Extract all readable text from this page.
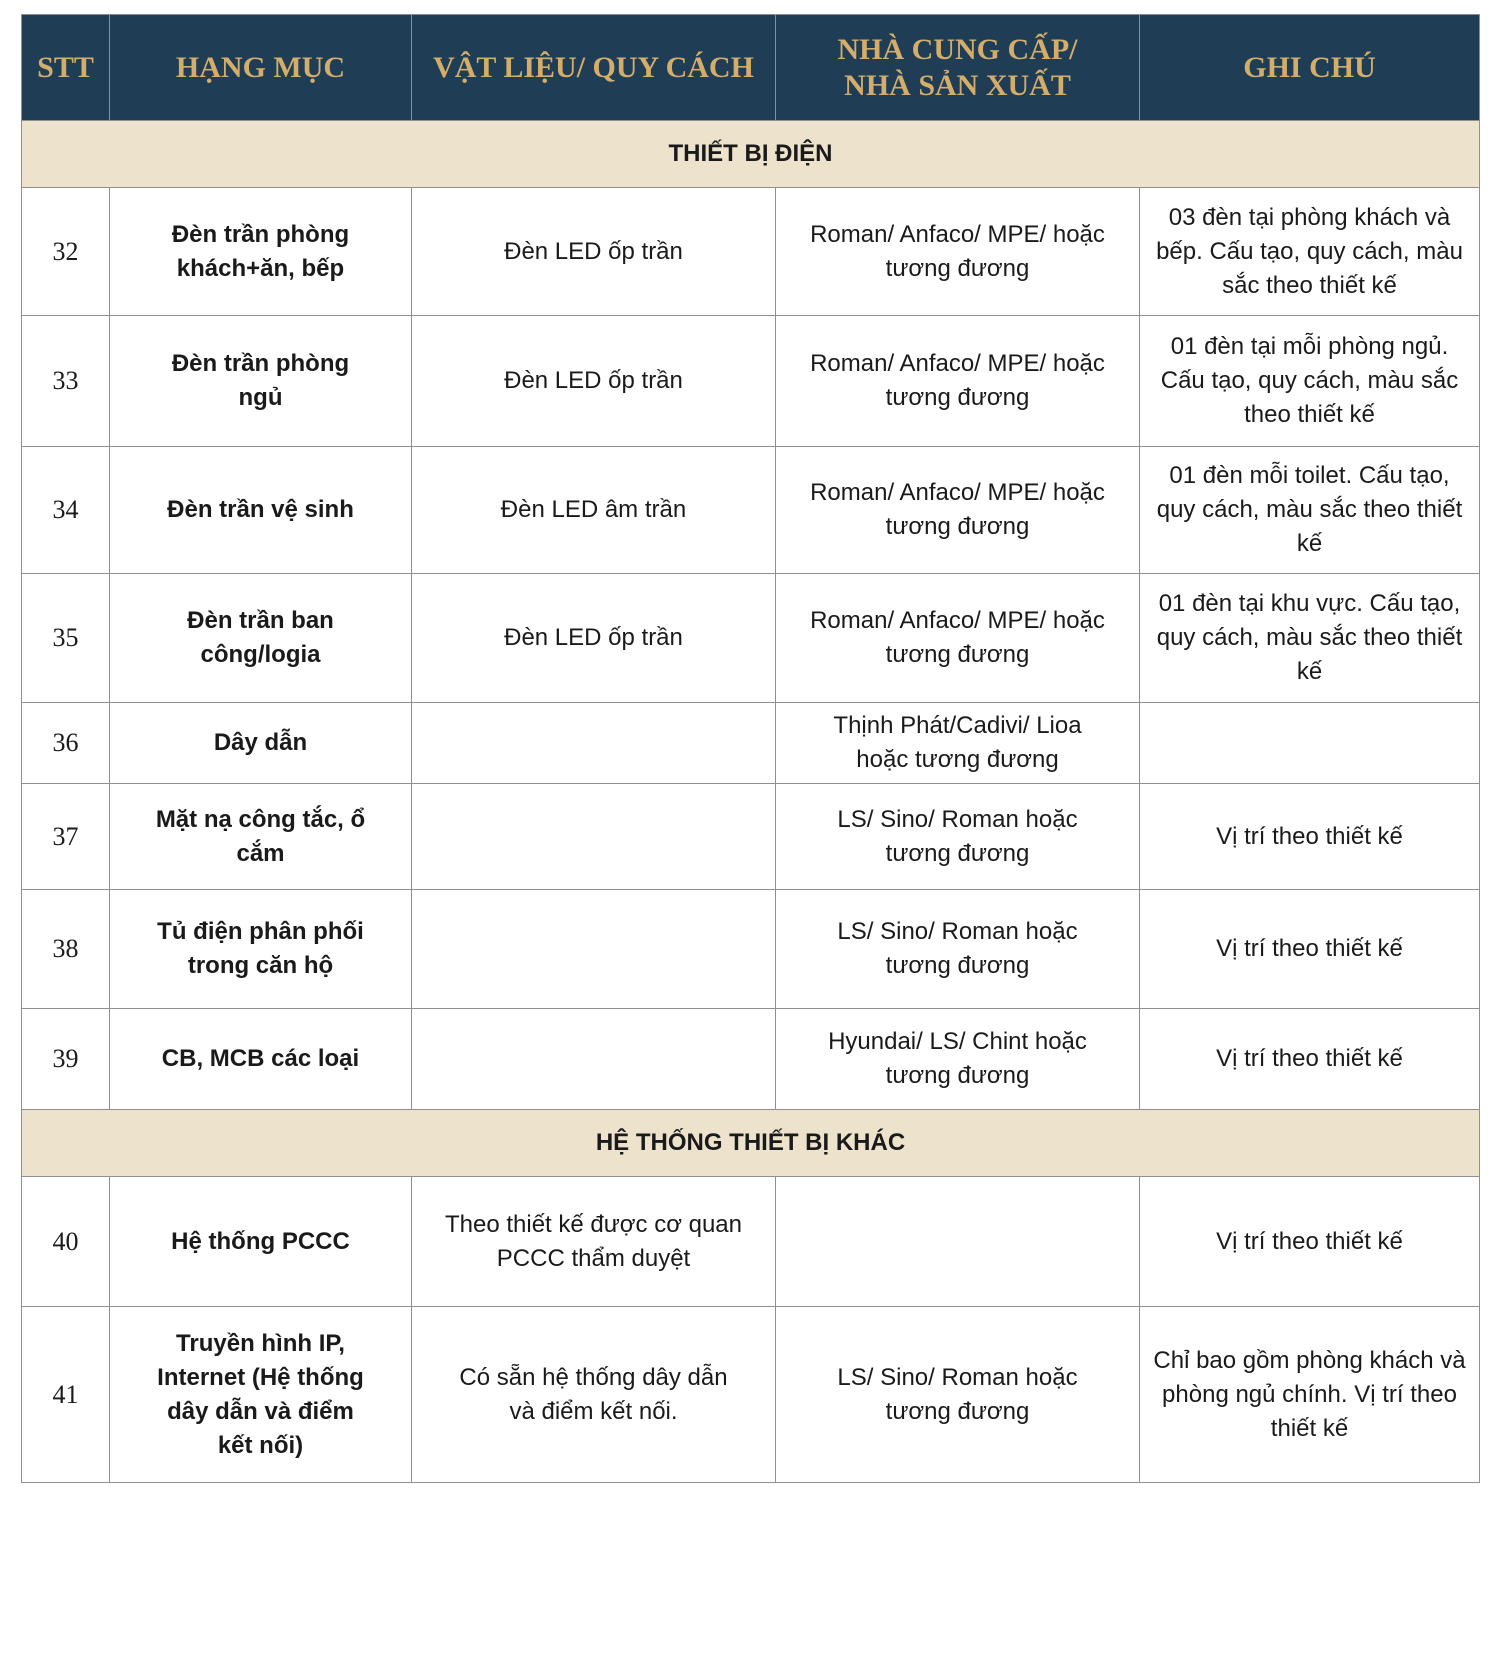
STT	HẠNG MỤC	VẬT LIỆU/ QUY CÁCH	NHÀ CUNG CẤP/ NHÀ SẢN XUẤT	GHI CHÚ
THIẾT BỊ ĐIỆN				
32	Đèn trần phòng khách+ăn, bếp	Đèn LED ốp trần	Roman/ Anfaco/ MPE/ hoặc tương đương	03 đèn tại phòng khách và bếp. Cấu tạo, quy cách, màu sắc theo thiết kế
33	Đèn trần phòng ngủ	Đèn LED ốp trần	Roman/ Anfaco/ MPE/ hoặc tương đương	01 đèn tại mỗi phòng ngủ. Cấu tạo, quy cách, màu sắc theo thiết kế
34	Đèn trần vệ sinh	Đèn LED âm trần	Roman/ Anfaco/ MPE/ hoặc tương đương	01 đèn mỗi toilet. Cấu tạo, quy cách, màu sắc theo thiết kế
35	Đèn trần ban công/logia	Đèn LED ốp trần	Roman/ Anfaco/ MPE/ hoặc tương đương	01 đèn tại khu vực. Cấu tạo, quy cách, màu sắc theo thiết kế
36	Dây dẫn		Thịnh Phát/Cadivi/ Lioa hoặc tương đương	
37	Mặt nạ công tắc, ổ cắm		LS/ Sino/ Roman hoặc tương đương	Vị trí theo thiết kế
38	Tủ điện phân phối trong căn hộ		LS/ Sino/ Roman hoặc tương đương	Vị trí theo thiết kế
39	CB, MCB các loại		Hyundai/ LS/ Chint hoặc tương đương	Vị trí theo thiết kế
HỆ THỐNG THIẾT BỊ KHÁC				
40	Hệ thống PCCC	Theo thiết kế được cơ quan PCCC thẩm duyệt		Vị trí theo thiết kế
41	Truyền hình IP, Internet (Hệ thống dây dẫn và điểm kết nối)	Có sẵn hệ thống dây dẫn và điểm kết nối.	LS/ Sino/ Roman hoặc tương đương	Chỉ bao gồm phòng khách và phòng ngủ chính. Vị trí theo thiết kế
